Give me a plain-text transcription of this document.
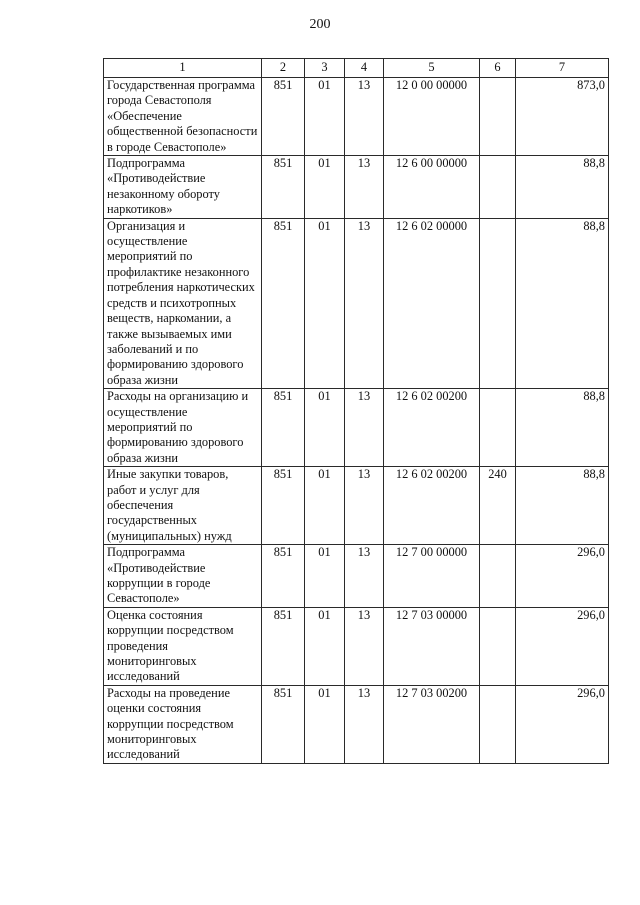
200
1	2	3	4	5	6	7
Государственная программа города Севастополя «Обеспечение общественной безопасности в городе Севастополе»	851	01	13	12 0 00 00000		873,0
Подпрограмма «Противодействие незаконному обороту наркотиков»	851	01	13	12 6 00 00000		88,8
Организация и осуществление мероприятий по профилактике незаконного потребления наркотических средств и психотропных веществ, наркомании, а также вызываемых ими заболеваний и по формированию здорового образа жизни	851	01	13	12 6 02 00000		88,8
Расходы на организацию и осуществление мероприятий по формированию здорового образа жизни	851	01	13	12 6 02 00200		88,8
Иные закупки товаров, работ и услуг для обеспечения государственных (муниципальных) нужд	851	01	13	12 6 02 00200	240	88,8
Подпрограмма «Противодействие коррупции в городе Севастополе»	851	01	13	12 7 00 00000		296,0
Оценка состояния коррупции посредством проведения мониторинговых исследований	851	01	13	12 7 03 00000		296,0
Расходы на проведение оценки состояния коррупции посредством мониторинговых исследований	851	01	13	12 7 03 00200		296,0
